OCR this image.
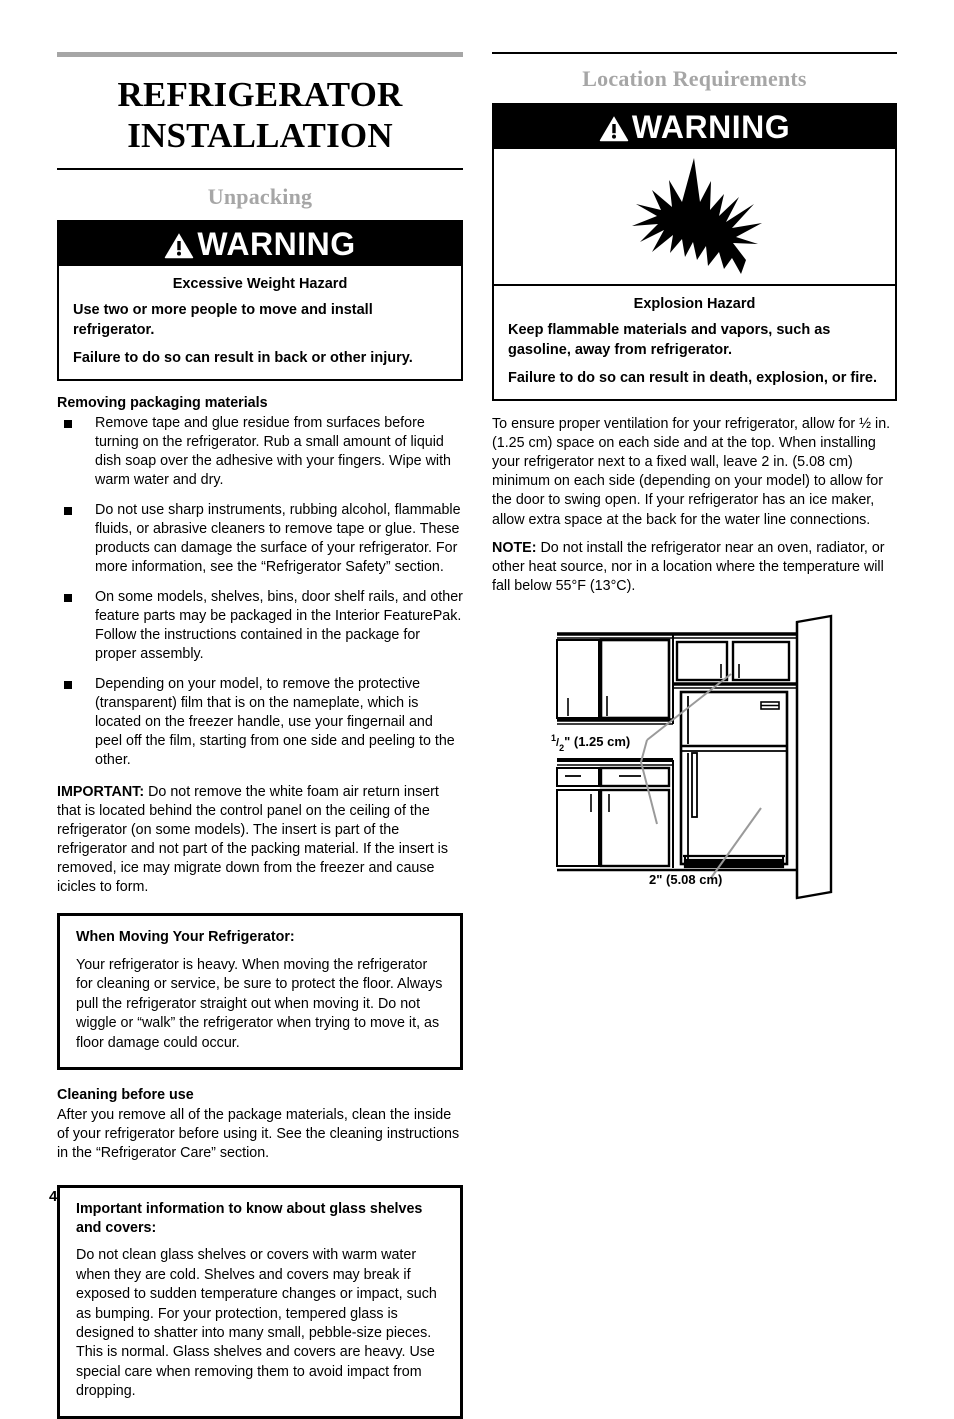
REFRIGERATOR
INSTALLATION
Unpacking
WARNING
Excessive Weight Hazard

Use two or more people to move and install refrigerator.

Failure to do so can result in back or other injury.

Removing packaging materials
Remove tape and glue residue from surfaces before turning on the refrigerator. Rub a small amount of liquid dish soap over the adhesive with your fingers. Wipe with warm water and dry.
Do not use sharp instruments, rubbing alcohol, flammable fluids, or abrasive cleaners to remove tape or glue. These products can damage the surface of your refrigerator. For more information, see the “Refrigerator Safety” section.
On some models, shelves, bins, door shelf rails, and other feature parts may be packaged in the Interior FeaturePak. Follow the instructions contained in the package for proper assembly.
Depending on your model, to remove the protective (transparent) film that is on the nameplate, which is located on the freezer handle, use your fingernail and peel off the film, starting from one side and peeling to the other.

IMPORTANT: Do not remove the white foam air return insert that is located behind the control panel on the ceiling of the refrigerator (on some models). The insert is part of the refrigerator and not part of the packing material. If the insert is removed, ice may migrate down from the freezer and cause icicles to form.

When Moving Your Refrigerator:

Your refrigerator is heavy. When moving the refrigerator for cleaning or service, be sure to protect the floor. Always pull the refrigerator straight out when moving it. Do not wiggle or “walk” the refrigerator when trying to move it, as floor damage could occur.

Cleaning before use

After you remove all of the package materials, clean the inside of your refrigerator before using it. See the cleaning instructions in the “Refrigerator Care” section.

Important information to know about glass shelves and covers:

Do not clean glass shelves or covers with warm water when they are cold. Shelves and covers may break if exposed to sudden temperature changes or impact, such as bumping. For your protection, tempered glass is designed to shatter into many small, pebble-size pieces. This is normal. Glass shelves and covers are heavy. Use special care when removing them to avoid impact from dropping.

Location Requirements
WARNING
Explosion Hazard

Keep flammable materials and vapors, such as gasoline, away from refrigerator.

Failure to do so can result in death, explosion, or fire.

To ensure proper ventilation for your refrigerator, allow for ½ in. (1.25 cm) space on each side and at the top. When installing your refrigerator next to a fixed wall, leave 2 in. (5.08 cm) minimum on each side (depending on your model) to allow for the door to swing open. If your refrigerator has an ice maker, allow extra space at the back for the water line connections.

NOTE: Do not install the refrigerator near an oven, radiator, or other heat source, nor in a location where the temperature will fall below 55°F (13°C).

$^1/_2$" (1.25 cm)
2" (5.08 cm)
4
